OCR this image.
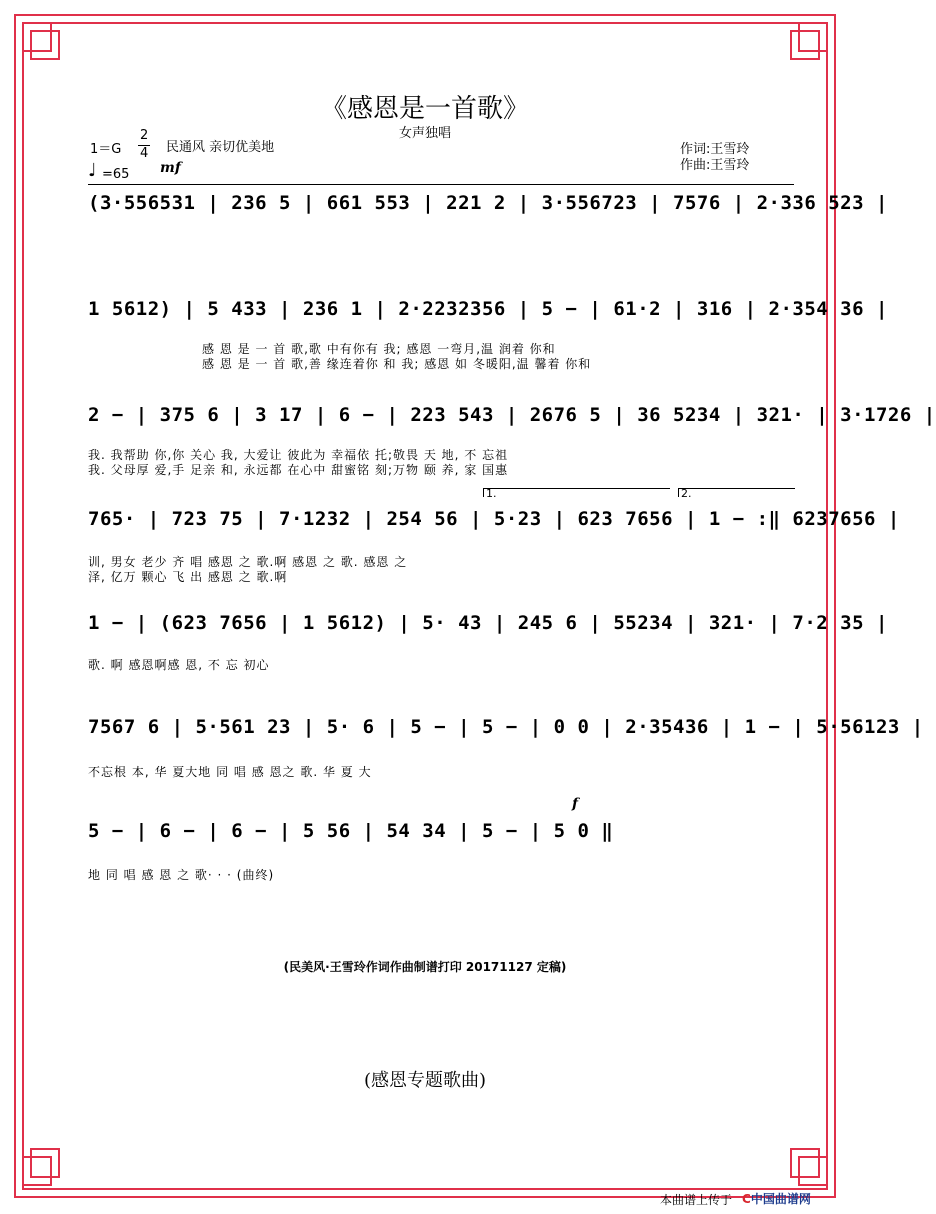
《感恩是一首歌》
女声独唱
1＝G
2
4 民通风 亲切优美地
♩ =65 mf
作词:王雪玲
作曲:王雪玲
(3·556531 | 236 5 | 661 553 | 221 2 | 3·556723 | 7576 | 2·336 523 |
1 5612) | 5 433 | 236 1 | 2·2232356 | 5 − | 61·2 | 316 | 2·354 36 |
感 恩 是 一 首 歌,歌 中有你有 我; 感恩 一弯月,温 润着 你和
感 恩 是 一 首 歌,善 缘连着你 和 我; 感恩 如 冬暖阳,温 馨着 你和
2 − | 375 6 | 3 17 | 6 − | 223 543 | 2676 5 | 36 5234 | 321· | 3·1726 |
我. 我帮助 你,你 关心 我, 大爱让 彼此为 幸福依 托;敬畏 天 地, 不 忘祖
我. 父母厚 爱,手 足亲 和, 永远都 在心中 甜蜜铭 刻;万物 颐 养, 家 国惠
1.	2.
765· | 723 75 | 7·1232 | 254 56 | 5·23 | 623 7656 | 1 − :‖ 6237656 |
训, 男女 老少 齐 唱 感恩 之 歌.啊 感恩 之 歌. 感恩 之
泽, 亿万 颗心 飞 出 感恩 之 歌.啊
1 − | (623 7656 | 1 5612) | 5· 43 | 245 6 | 55234 | 321· | 7·2 35 |
歌. 啊 感恩啊感 恩, 不 忘 初心
7567 6 | 5·561 23 | 5· 6 | 5 − | 5 − | 0 0 | 2·35436 | 1 − | 5·56123 |
不忘根 本, 华 夏大地 同 唱 感 恩之 歌. 华 夏 大
f
5 − | 6 − | 6 − | 5 56 | 54 34 | 5 − | 5 0 ‖
地 同 唱 感 恩 之 歌· · · (曲终)
(民美风·王雪玲作词作曲制谱打印 20171127 定稿)
(感恩专题歌曲)
本曲谱上传于 C中国曲谱网
